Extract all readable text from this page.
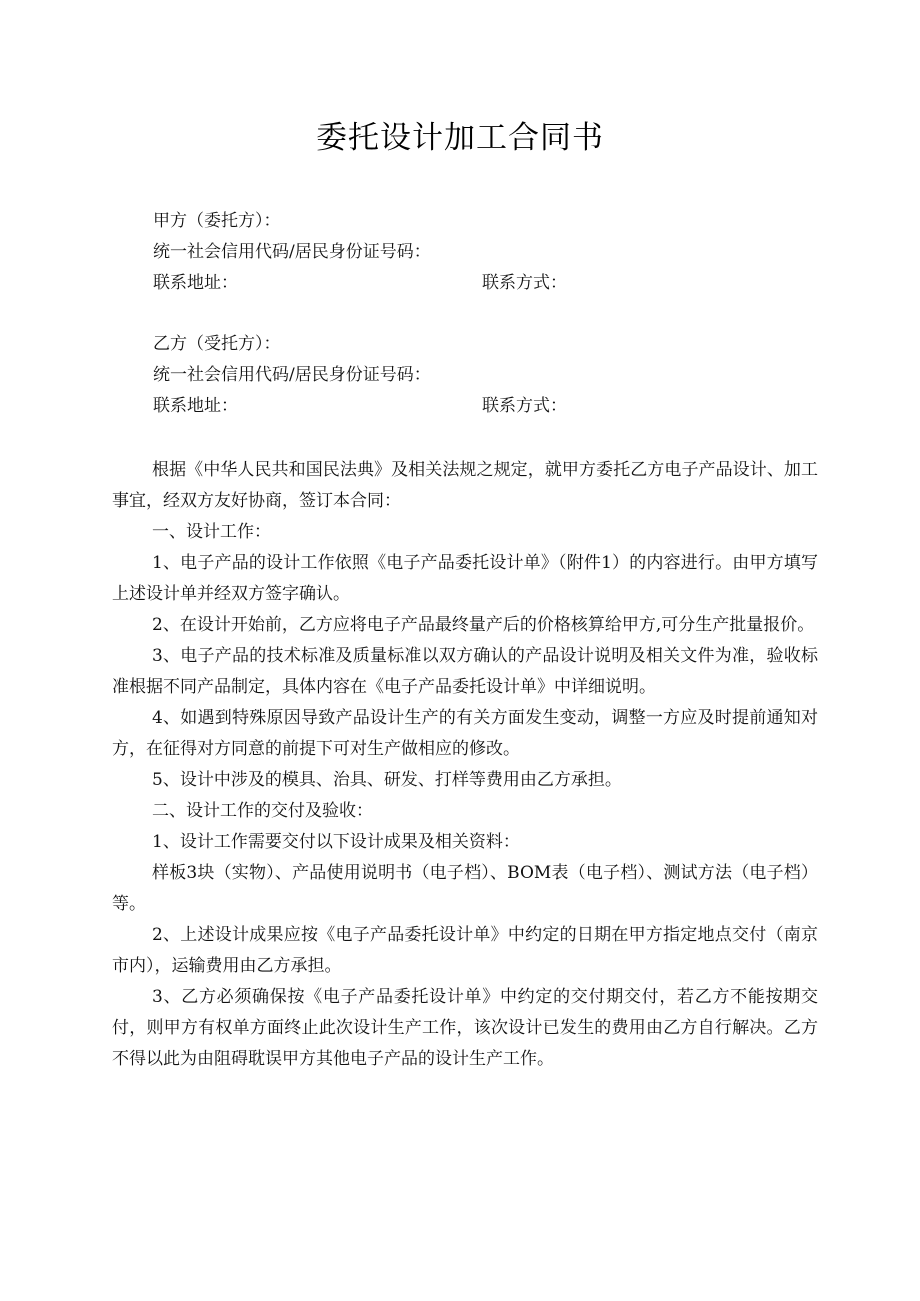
委托设计加工合同书
甲方（委托方）：
统一社会信用代码/居民身份证号码：
联系地址：	联系方式：
乙方（受托方）：
统一社会信用代码/居民身份证号码：
联系地址：	联系方式：

根据《中华人民共和国民法典》及相关法规之规定，就甲方委托乙方电子产品设计、加工事宜，经双方友好协商，签订本合同：

一、设计工作：

1、电子产品的设计工作依照《电子产品委托设计单》（附件1）的内容进行。由甲方填写上述设计单并经双方签字确认。

2、在设计开始前，乙方应将电子产品最终量产后的价格核算给甲方,可分生产批量报价。

3、电子产品的技术标准及质量标准以双方确认的产品设计说明及相关文件为准，验收标准根据不同产品制定，具体内容在《电子产品委托设计单》中详细说明。

4、如遇到特殊原因导致产品设计生产的有关方面发生变动，调整一方应及时提前通知对方，在征得对方同意的前提下可对生产做相应的修改。

5、设计中涉及的模具、治具、研发、打样等费用由乙方承担。

二、设计工作的交付及验收：

1、设计工作需要交付以下设计成果及相关资料：

样板3块（实物）、产品使用说明书（电子档）、BOM表（电子档）、测试方法（电子档）等。

2、上述设计成果应按《电子产品委托设计单》中约定的日期在甲方指定地点交付（南京市内），运输费用由乙方承担。

3、乙方必须确保按《电子产品委托设计单》中约定的交付期交付，若乙方不能按期交付，则甲方有权单方面终止此次设计生产工作，该次设计已发生的费用由乙方自行解决。乙方不得以此为由阻碍耽误甲方其他电子产品的设计生产工作。
